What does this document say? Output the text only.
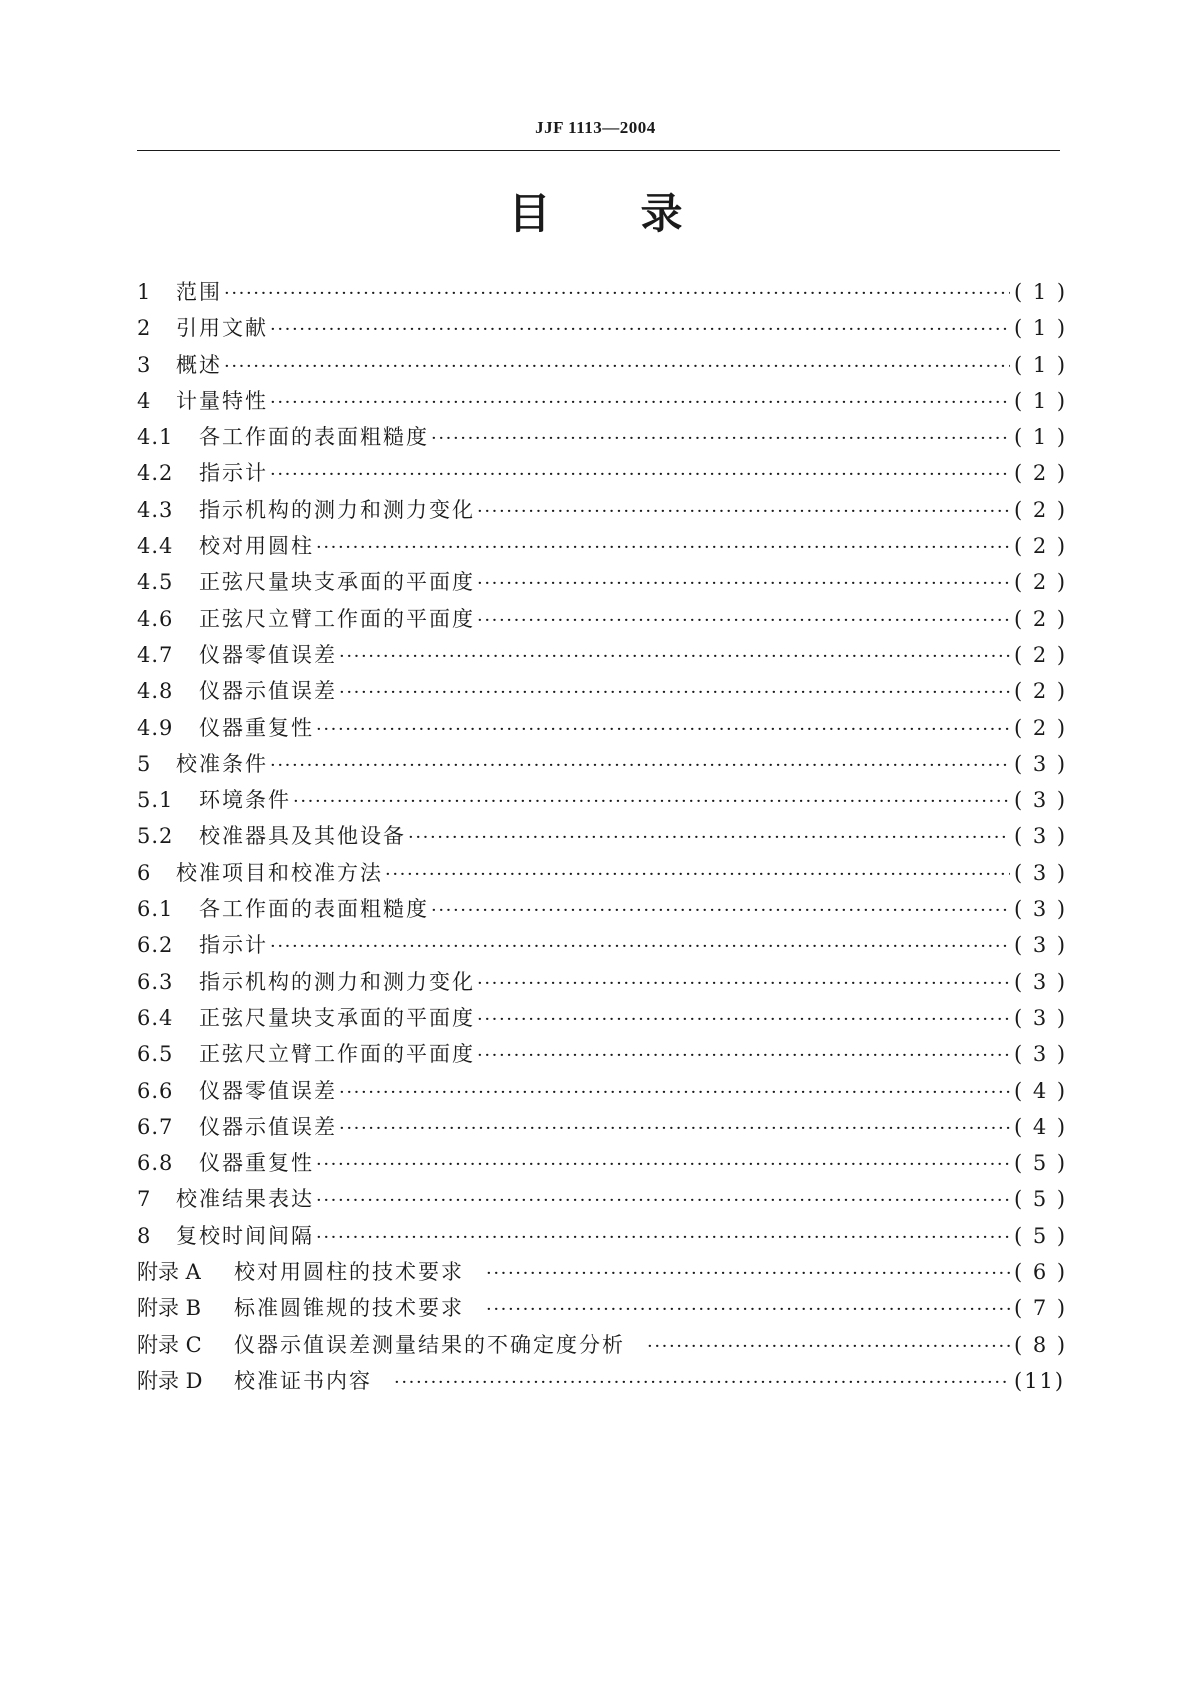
JJF 1113—2004
目 录
1	范围 ·····	( 1 )
2	引用文献 ·····	( 1 )
3	概述 ·····	( 1 )
4	计量特性 ·····	( 1 )
4.1	各工作面的表面粗糙度 ·····	( 1 )
4.2	指示计 ·····	( 2 )
4.3	指示机构的测力和测力变化 ·····	( 2 )
4.4	校对用圆柱 ·····	( 2 )
4.5	正弦尺量块支承面的平面度 ·····	( 2 )
4.6	正弦尺立臂工作面的平面度 ·····	( 2 )
4.7	仪器零值误差 ·····	( 2 )
4.8	仪器示值误差 ·····	( 2 )
4.9	仪器重复性 ·····	( 2 )
5	校准条件 ·····	( 3 )
5.1	环境条件 ·····	( 3 )
5.2	校准器具及其他设备 ·····	( 3 )
6	校准项目和校准方法 ·····	( 3 )
6.1	各工作面的表面粗糙度 ·····	( 3 )
6.2	指示计 ·····	( 3 )
6.3	指示机构的测力和测力变化 ·····	( 3 )
6.4	正弦尺量块支承面的平面度 ·····	( 3 )
6.5	正弦尺立臂工作面的平面度 ·····	( 3 )
6.6	仪器零值误差 ·····	( 4 )
6.7	仪器示值误差 ·····	( 4 )
6.8	仪器重复性 ·····	( 5 )
7	校准结果表达 ·····	( 5 )
8	复校时间间隔 ·····	( 5 )
附录 A	校对用圆柱的技术要求 ·····	( 6 )
附录 B	标准圆锥规的技术要求 ·····	( 7 )
附录 C	仪器示值误差测量结果的不确定度分析 ·····	( 8 )
附录 D	校准证书内容 ·····	(11)
